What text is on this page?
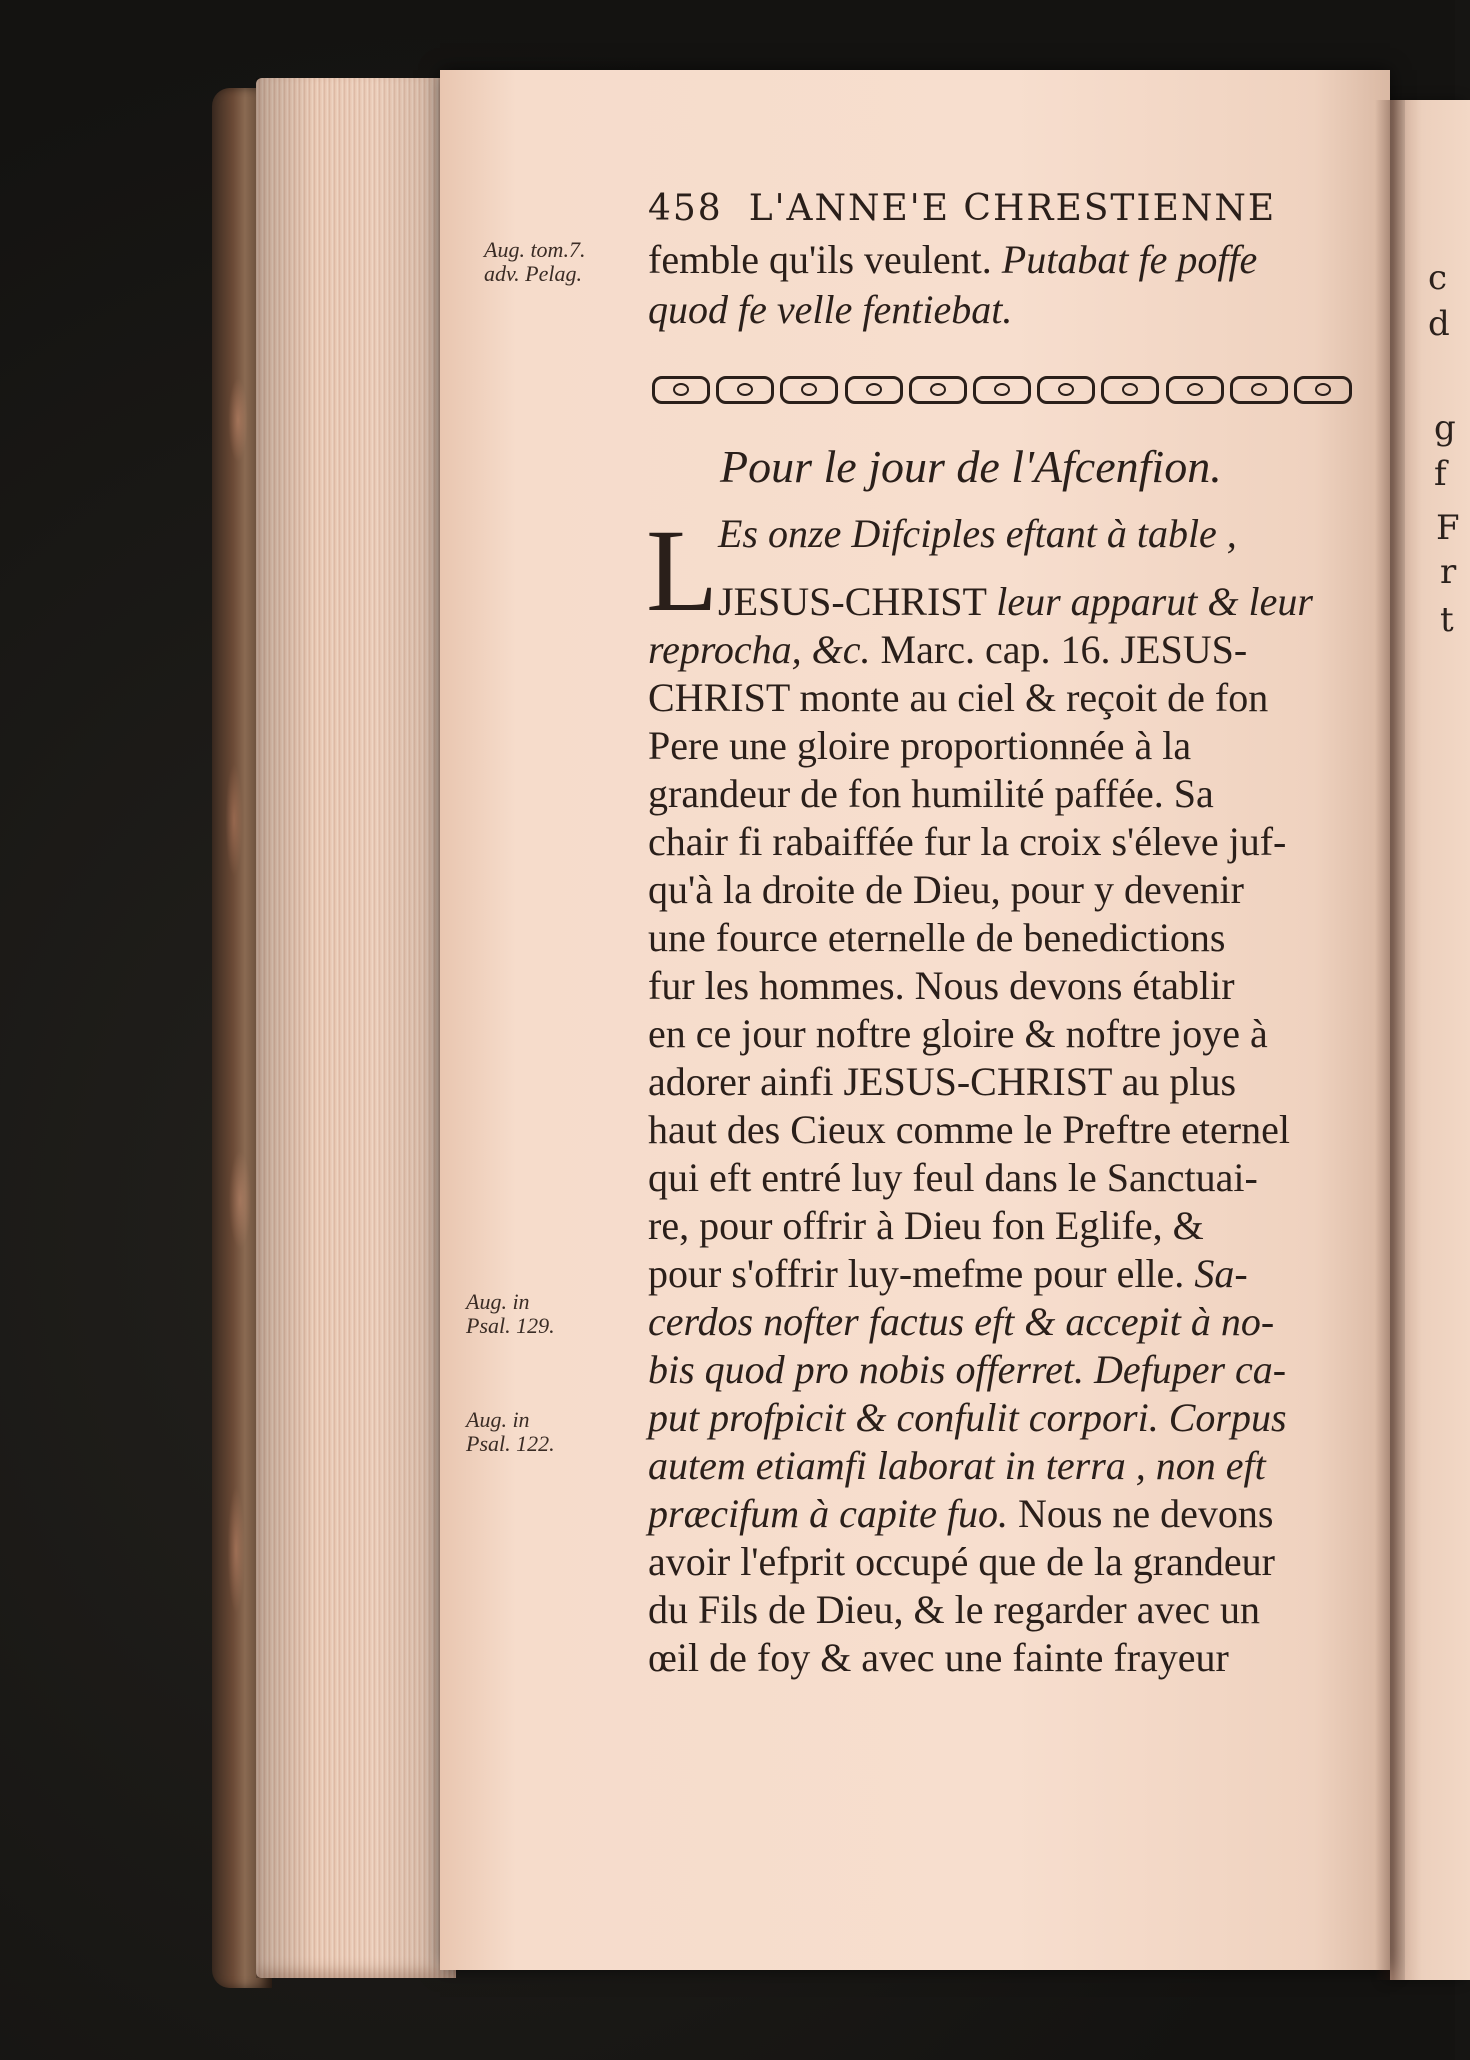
c
d
g
f
F
r
t
458 L'ANNE'E CHRESTIENNE
Aug. tom.7.
adv. Pelag.
Aug. in
Psal. 129.
Aug. in
Psal. 122.
femble qu'ils veulent. Putabat fe poffe
quod fe velle fentiebat.
Pour le jour de l'Afcenfion.
L Es onze Difciples eftant à table ,
JESUS-CHRIST leur apparut & leur
reprocha, &c. Marc. cap. 16. JESUS-
CHRIST monte au ciel & reçoit de fon
Pere une gloire proportionnée à la
grandeur de fon humilité paffée. Sa
chair fi rabaiffée fur la croix s'éleve juf-
qu'à la droite de Dieu, pour y devenir
une fource eternelle de benedictions
fur les hommes. Nous devons établir
en ce jour noftre gloire & noftre joye à
adorer ainfi JESUS-CHRIST au plus
haut des Cieux comme le Preftre eternel
qui eft entré luy feul dans le Sanctuai-
re, pour offrir à Dieu fon Eglife, &
pour s'offrir luy-mefme pour elle. Sa-
cerdos nofter factus eft & accepit à no-
bis quod pro nobis offerret. Defuper ca-
put profpicit & confulit corpori. Corpus
autem etiamfi laborat in terra , non eft
præcifum à capite fuo. Nous ne devons
avoir l'efprit occupé que de la grandeur
du Fils de Dieu, & le regarder avec un
œil de foy & avec une fainte frayeur
